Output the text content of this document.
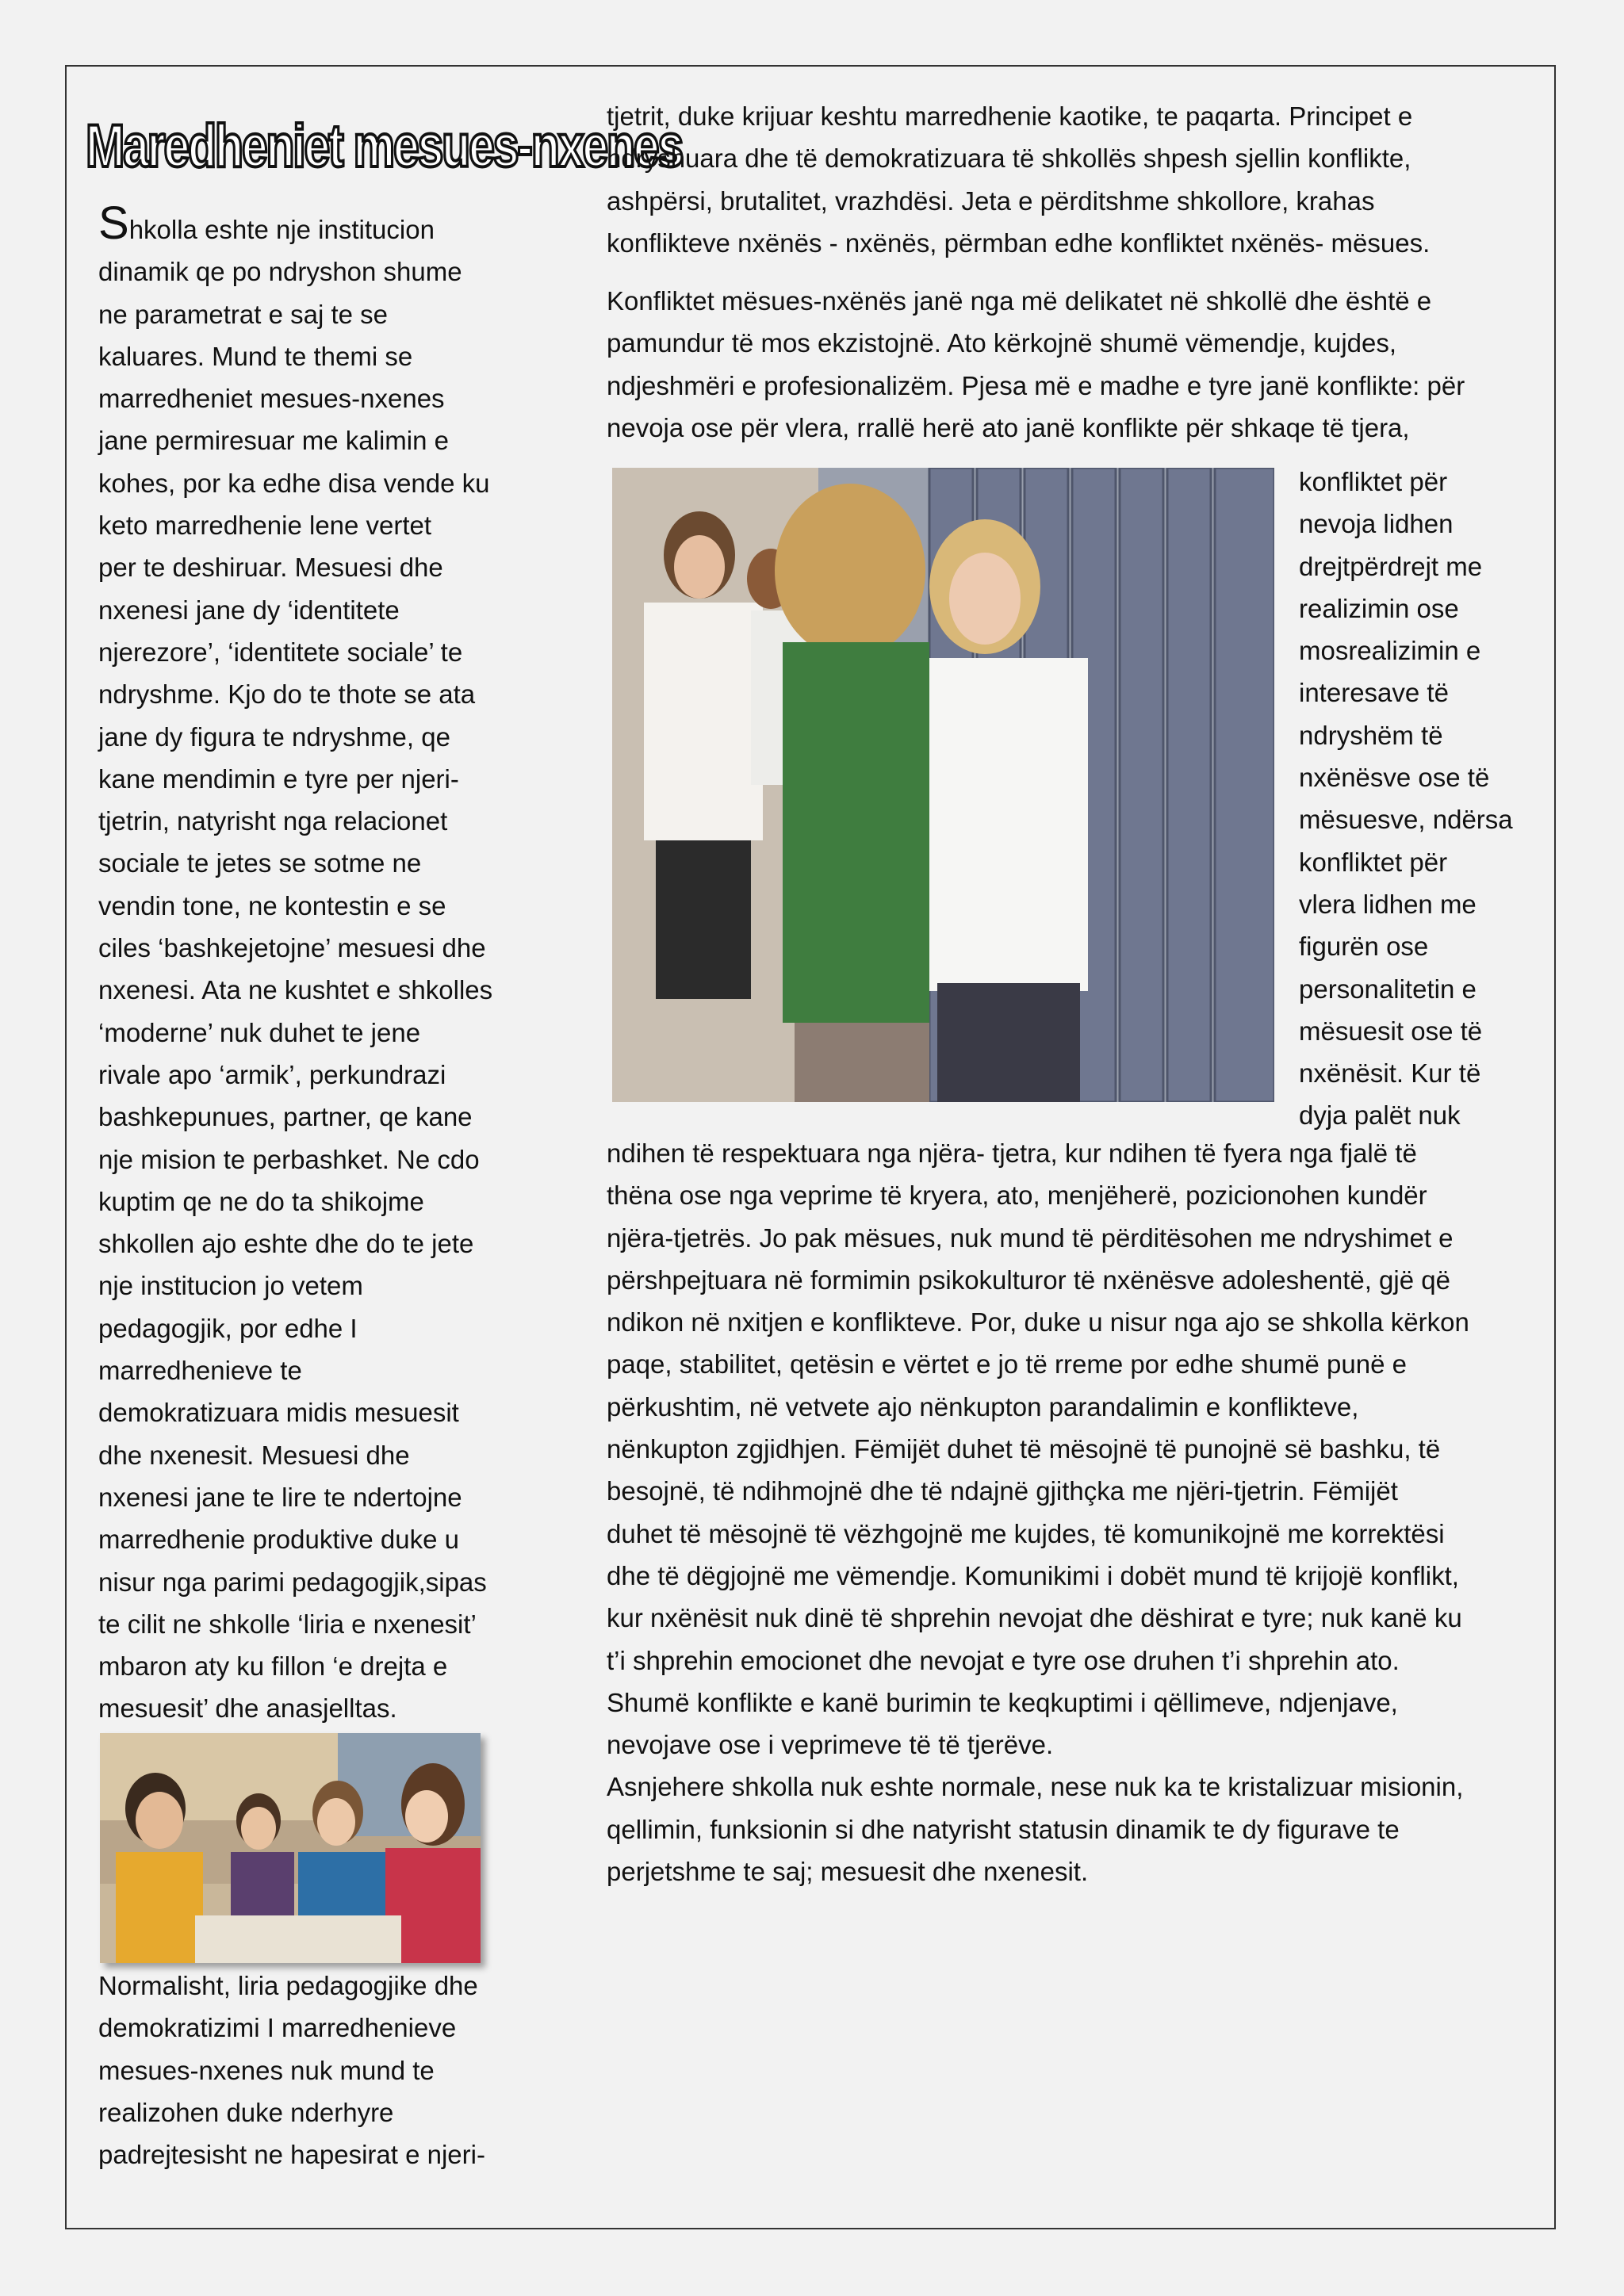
Maredheniet mesues-nxenes
Shkolla eshte nje institucion
dinamik qe po ndryshon shume
ne parametrat e saj te se
kaluares. Mund te themi se
marredheniet mesues-nxenes
jane permiresuar me kalimin e
kohes, por ka edhe disa vende ku
keto marredhenie lene vertet
per te deshiruar. Mesuesi dhe
nxenesi jane dy ‘identitete
njerezore’, ‘identitete sociale’ te
ndryshme. Kjo do te thote se ata
jane dy figura te ndryshme, qe
kane mendimin e tyre per njeri-
tjetrin, natyrisht nga relacionet
sociale te jetes se sotme ne
vendin tone, ne kontestin e se
ciles ‘bashkejetojne’ mesuesi dhe
nxenesi. Ata ne kushtet e shkolles
‘moderne’ nuk duhet te jene
rivale apo ‘armik’, perkundrazi
bashkepunues, partner, qe kane
nje mision te perbashket. Ne cdo
kuptim qe ne do ta shikojme
shkollen ajo eshte dhe do te jete
nje institucion jo vetem
pedagogjik, por edhe I
marredhenieve te
demokratizuara midis mesuesit
dhe nxenesit. Mesuesi dhe
nxenesi jane te lire te ndertojne
marredhenie produktive duke u
nisur nga parimi pedagogjik,sipas
te cilit ne shkolle ‘liria e nxenesit’
mbaron aty ku fillon ‘e drejta e
mesuesit’ dhe anasjelltas.
Normalisht, liria pedagogjike dhe
demokratizimi I marredhenieve
mesues-nxenes nuk mund te
realizohen duke nderhyre
padrejtesisht ne hapesirat e njeri-

tjetrit, duke krijuar keshtu marredhenie kaotike, te paqarta. Principet e
ndryshuara dhe të demokratizuara të shkollës shpesh sjellin konflikte,
ashpërsi, brutalitet, vrazhdësi. Jeta e përditshme shkollore, krahas
konflikteve nxënës - nxënës, përmban edhe konfliktet nxënës- mësues.

Konfliktet mësues-nxënës janë nga më delikatet në shkollë dhe është e
pamundur të mos ekzistojnë. Ato kërkojnë shumë vëmendje, kujdes,
ndjeshmëri e profesionalizëm. Pjesa më e madhe e tyre janë konflikte: për
nevoja ose për vlera, rrallë herë ato janë konflikte për shkaqe të tjera,

konfliktet për
nevoja lidhen
drejtpërdrejt me
realizimin ose
mosrealizimin e
interesave të
ndryshëm të
nxënësve ose të
mësuesve, ndërsa
konfliktet për
vlera lidhen me
figurën ose
personalitetin e
mësuesit ose të
nxënësit. Kur të
dyja palët nuk
ndihen të respektuara nga njëra- tjetra, kur ndihen të fyera nga fjalë të
thëna ose nga veprime të kryera, ato, menjëherë, pozicionohen kundër
njëra-tjetrës. Jo pak mësues, nuk mund të përditësohen me ndryshimet e
përshpejtuara në formimin psikokulturor të nxënësve adoleshentë, gjë që
ndikon në nxitjen e konflikteve. Por, duke u nisur nga ajo se shkolla kërkon
paqe, stabilitet, qetësin e vërtet e jo të rreme por edhe shumë punë e
përkushtim, në vetvete ajo nënkupton parandalimin e konflikteve,
nënkupton zgjidhjen. Fëmijët duhet të mësojnë të punojnë së bashku, të
besojnë, të ndihmojnë dhe të ndajnë gjithçka me njëri-tjetrin. Fëmijët
duhet të mësojnë të vëzhgojnë me kujdes, të komunikojnë me korrektësi
dhe të dëgjojnë me vëmendje. Komunikimi i dobët mund të krijojë konflikt,
kur nxënësit nuk dinë të shprehin nevojat dhe dëshirat e tyre; nuk kanë ku
t’i shprehin emocionet dhe nevojat e tyre ose druhen t’i shprehin ato.
Shumë konflikte e kanë burimin te keqkuptimi i qëllimeve, ndjenjave,
nevojave ose i veprimeve të të tjerëve.
Asnjehere shkolla nuk eshte normale, nese nuk ka te kristalizuar misionin,
qellimin, funksionin si dhe natyrisht statusin dinamik te dy figurave te
perjetshme te saj; mesuesit dhe nxenesit.
